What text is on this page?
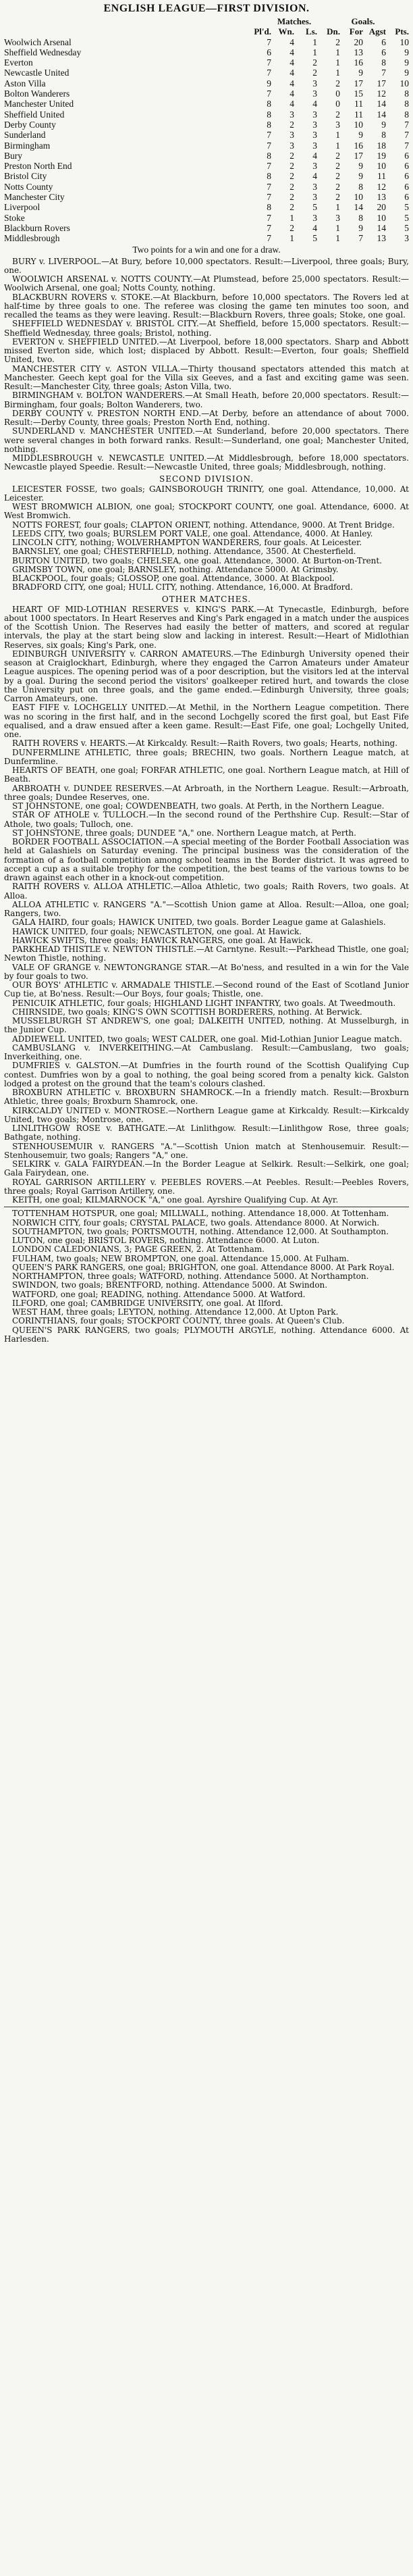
ENGLISH LEAGUE—FIRST DIVISION.
	Matches.				Goals.		
	Pl'd.	Wn.	Ls.	Dn.	For	Agst	Pts.
Woolwich Arsenal	7	4	1	2	20	6	10
Sheffield Wednesday	6	4	1	1	13	6	9
Everton	7	4	2	1	16	8	9
Newcastle United	7	4	2	1	9	7	9
Aston Villa	9	4	3	2	17	17	10
Bolton Wanderers	7	4	3	0	15	12	8
Manchester United	8	4	4	0	11	14	8
Sheffield United	8	3	3	2	11	14	8
Derby County	8	2	3	3	10	9	7
Sunderland	7	3	3	1	9	8	7
Birmingham	7	3	3	1	16	18	7
Bury	8	2	4	2	17	19	6
Preston North End	7	2	3	2	9	10	6
Bristol City	8	2	4	2	9	11	6
Notts County	7	2	3	2	8	12	6
Manchester City	7	2	3	2	10	13	6
Liverpool	8	2	5	1	14	20	5
Stoke	7	1	3	3	8	10	5
Blackburn Rovers	7	2	4	1	9	14	5
Middlesbrough	7	1	5	1	7	13	3
Two points for a win and one for a draw.

BURY v. LIVERPOOL.—At Bury, before 10,000 spectators. Result:—Liverpool, three goals; Bury, one.

WOOLWICH ARSENAL v. NOTTS COUNTY.—At Plumstead, before 25,000 spectators. Result:—Woolwich Arsenal, one goal; Notts County, nothing.

BLACKBURN ROVERS v. STOKE.—At Blackburn, before 10,000 spectators. The Rovers led at half-time by three goals to one. The referee was closing the game ten minutes too soon, and recalled the teams as they were leaving. Result:—Blackburn Rovers, three goals; Stoke, one goal.

SHEFFIELD WEDNESDAY v. BRISTOL CITY.—At Sheffield, before 15,000 spectators. Result:—Sheffield Wednesday, three goals; Bristol, nothing.

EVERTON v. SHEFFIELD UNITED.—At Liverpool, before 18,000 spectators. Sharp and Abbott missed Everton side, which lost; displaced by Abbott. Result:—Everton, four goals; Sheffield United, two.

MANCHESTER CITY v. ASTON VILLA.—Thirty thousand spectators attended this match at Manchester. Geech kept goal for the Villa six Geeves, and a fast and exciting game was seen. Result:—Manchester City, three goals; Aston Villa, two.

BIRMINGHAM v. BOLTON WANDERERS.—At Small Heath, before 20,000 spectators. Result:—Birmingham, four goals; Bolton Wanderers, two.

DERBY COUNTY v. PRESTON NORTH END.—At Derby, before an attendance of about 7000. Result:—Derby County, three goals; Preston North End, nothing.

SUNDERLAND v. MANCHESTER UNITED.—At Sunderland, before 20,000 spectators. There were several changes in both forward ranks. Result:—Sunderland, one goal; Manchester United, nothing.

MIDDLESBROUGH v. NEWCASTLE UNITED.—At Middlesbrough, before 18,000 spectators. Newcastle played Speedie. Result:—Newcastle United, three goals; Middlesbrough, nothing.

SECOND DIVISION.

LEICESTER FOSSE, two goals; GAINSBOROUGH TRINITY, one goal. Attendance, 10,000. At Leicester.

WEST BROMWICH ALBION, one goal; STOCKPORT COUNTY, one goal. Attendance, 6000. At West Bromwich.

NOTTS FOREST, four goals; CLAPTON ORIENT, nothing. Attendance, 9000. At Trent Bridge.

LEEDS CITY, two goals; BURSLEM PORT VALE, one goal. Attendance, 4000. At Hanley.

LINCOLN CITY, nothing; WOLVERHAMPTON WANDERERS, four goals. At Leicester.

BARNSLEY, one goal; CHESTERFIELD, nothing. Attendance, 3500. At Chesterfield.

BURTON UNITED, two goals; CHELSEA, one goal. Attendance, 3000. At Burton-on-Trent.

GRIMSBY TOWN, one goal; BARNSLEY, nothing. Attendance 5000. At Grimsby.

BLACKPOOL, four goals; GLOSSOP, one goal. Attendance, 3000. At Blackpool.

BRADFORD CITY, one goal; HULL CITY, nothing. Attendance, 16,000. At Bradford.

OTHER MATCHES.

HEART OF MID-LOTHIAN RESERVES v. KING'S PARK.—At Tynecastle, Edinburgh, before about 1000 spectators. In Heart Reserves and King's Park engaged in a match under the auspices of the Scottish Union. The Reserves had easily the better of matters, and scored at regular intervals, the play at the start being slow and lacking in interest. Result:—Heart of Midlothian Reserves, six goals; King's Park, one.

EDINBURGH UNIVERSITY v. CARRON AMATEURS.—The Edinburgh University opened their season at Craiglockhart, Edinburgh, where they engaged the Carron Amateurs under Amateur League auspices. The opening period was of a poor description, but the visitors led at the interval by a goal. During the second period the visitors' goalkeeper retired hurt, and towards the close the University put on three goals, and the game ended.—Edinburgh University, three goals; Carron Amateurs, one.

EAST FIFE v. LOCHGELLY UNITED.—At Methil, in the Northern League competition. There was no scoring in the first half, and in the second Lochgelly scored the first goal, but East Fife equalised, and a draw ensued after a keen game. Result:—East Fife, one goal; Lochgelly United, one.

RAITH ROVERS v. HEARTS.—At Kirkcaldy. Result:—Raith Rovers, two goals; Hearts, nothing.

DUNFERMLINE ATHLETIC, three goals; BRECHIN, two goals. Northern League match, at Dunfermline.

HEARTS OF BEATH, one goal; FORFAR ATHLETIC, one goal. Northern League match, at Hill of Beath.

ARBROATH v. DUNDEE RESERVES.—At Arbroath, in the Northern League. Result:—Arbroath, three goals; Dundee Reserves, one.

ST JOHNSTONE, one goal; COWDENBEATH, two goals. At Perth, in the Northern League.

STAR OF ATHOLE v. TULLOCH.—In the second round of the Perthshire Cup. Result:—Star of Athole, two goals; Tulloch, one.

ST JOHNSTONE, three goals; DUNDEE "A," one. Northern League match, at Perth.

BORDER FOOTBALL ASSOCIATION.—A special meeting of the Border Football Association was held at Galashiels on Saturday evening. The principal business was the consideration of the formation of a football competition among school teams in the Border district. It was agreed to accept a cup as a suitable trophy for the competition, the best teams of the various towns to be drawn against each other in a knock-out competition.

RAITH ROVERS v. ALLOA ATHLETIC.—Alloa Athletic, two goals; Raith Rovers, two goals. At Alloa.

ALLOA ATHLETIC v. RANGERS "A."—Scottish Union game at Alloa. Result:—Alloa, one goal; Rangers, two.

GALA HAIRD, four goals; HAWICK UNITED, two goals. Border League game at Galashiels.

HAWICK UNITED, four goals; NEWCASTLETON, one goal. At Hawick.

HAWICK SWIFTS, three goals; HAWICK RANGERS, one goal. At Hawick.

PARKHEAD THISTLE v. NEWTON THISTLE.—At Carntyne. Result:—Parkhead Thistle, one goal; Newton Thistle, nothing.

VALE OF GRANGE v. NEWTONGRANGE STAR.—At Bo'ness, and resulted in a win for the Vale by four goals to two.

OUR BOYS' ATHLETIC v. ARMADALE THISTLE.—Second round of the East of Scotland Junior Cup tie, at Bo'ness. Result:—Our Boys, four goals; Thistle, one.

PENICUIK ATHLETIC, four goals; HIGHLAND LIGHT INFANTRY, two goals. At Tweedmouth.

CHIRNSIDE, two goals; KING'S OWN SCOTTISH BORDERERS, nothing. At Berwick.

MUSSELBURGH ST ANDREW'S, one goal; DALKEITH UNITED, nothing. At Musselburgh, in the Junior Cup.

ADDIEWELL UNITED, two goals; WEST CALDER, one goal. Mid-Lothian Junior League match.

CAMBUSLANG v. INVERKEITHING.—At Cambuslang. Result:—Cambuslang, two goals; Inverkeithing, one.

DUMFRIES v. GALSTON.—At Dumfries in the fourth round of the Scottish Qualifying Cup contest. Dumfries won by a goal to nothing, the goal being scored from a penalty kick. Galston lodged a protest on the ground that the team's colours clashed.

BROXBURN ATHLETIC v. BROXBURN SHAMROCK.—In a friendly match. Result:—Broxburn Athletic, three goals; Broxburn Shamrock, one.

KIRKCALDY UNITED v. MONTROSE.—Northern League game at Kirkcaldy. Result:—Kirkcaldy United, two goals; Montrose, one.

LINLITHGOW ROSE v. BATHGATE.—At Linlithgow. Result:—Linlithgow Rose, three goals; Bathgate, nothing.

STENHOUSEMUIR v. RANGERS "A."—Scottish Union match at Stenhousemuir. Result:—Stenhousemuir, two goals; Rangers "A," one.

SELKIRK v. GALA FAIRYDEAN.—In the Border League at Selkirk. Result:—Selkirk, one goal; Gala Fairydean, one.

ROYAL GARRISON ARTILLERY v. PEEBLES ROVERS.—At Peebles. Result:—Peebles Rovers, three goals; Royal Garrison Artillery, one.

KEITH, one goal; KILMARNOCK "A," one goal. Ayrshire Qualifying Cup. At Ayr.

TOTTENHAM HOTSPUR, one goal; MILLWALL, nothing. Attendance 18,000. At Tottenham.

NORWICH CITY, four goals; CRYSTAL PALACE, two goals. Attendance 8000. At Norwich.

SOUTHAMPTON, two goals; PORTSMOUTH, nothing. Attendance 12,000. At Southampton.

LUTON, one goal; BRISTOL ROVERS, nothing. Attendance 6000. At Luton.

LONDON CALEDONIANS, 3; PAGE GREEN, 2. At Tottenham.

FULHAM, two goals; NEW BROMPTON, one goal. Attendance 15,000. At Fulham.

QUEEN'S PARK RANGERS, one goal; BRIGHTON, one goal. Attendance 8000. At Park Royal.

NORTHAMPTON, three goals; WATFORD, nothing. Attendance 5000. At Northampton.

SWINDON, two goals; BRENTFORD, nothing. Attendance 5000. At Swindon.

WATFORD, one goal; READING, nothing. Attendance 5000. At Watford.

ILFORD, one goal; CAMBRIDGE UNIVERSITY, one goal. At Ilford.

WEST HAM, three goals; LEYTON, nothing. Attendance 12,000. At Upton Park.

CORINTHIANS, four goals; STOCKPORT COUNTY, three goals. At Queen's Club.

QUEEN'S PARK RANGERS, two goals; PLYMOUTH ARGYLE, nothing. Attendance 6000. At Harlesden.
